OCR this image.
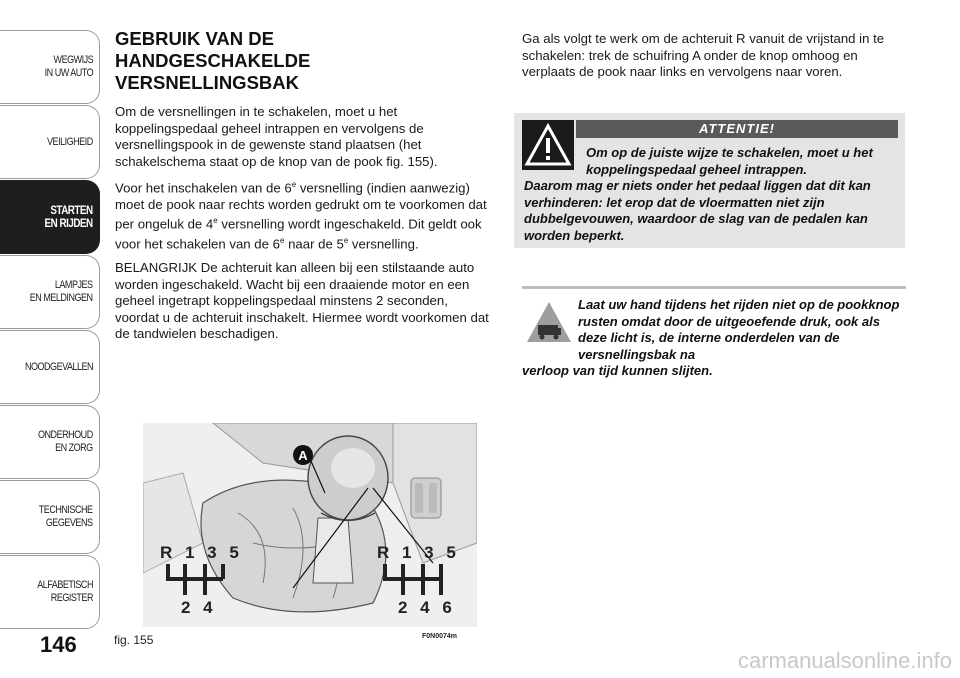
WEGWIJS
IN UW AUTO
VEILIGHEID
STARTEN
EN RIJDEN
LAMPJES
EN MELDINGEN
NOODGEVALLEN
ONDERHOUD
EN ZORG
TECHNISCHE
GEGEVENS
ALFABETISCH
REGISTER
146
GEBRUIK VAN DE
HANDGESCHAKELDE
VERSNELLINGSBAK

Om de versnellingen in te schakelen, moet u het koppelingspedaal geheel intrappen en vervolgens de versnellingspook in de gewenste stand plaatsen (het schakelschema staat op de knop van de pook fig. 155).

Voor het inschakelen van de 6e versnelling (indien aanwezig) moet de pook naar rechts worden gedrukt om te voorkomen dat per ongeluk de 4e versnelling wordt ingeschakeld. Dit geldt ook voor het schakelen van de 6e naar de 5e versnelling.

BELANGRIJK De achteruit kan alleen bij een stilstaande auto worden ingeschakeld. Wacht bij een draaiende motor en een geheel ingetrapt koppelingspedaal minstens 2 seconden, voordat u de achteruit inschakelt. Hiermee wordt voorkomen dat de tandwielen beschadigen.

Ga als volgt te werk om de achteruit R vanuit de vrijstand in te schakelen: trek de schuifring A onder de knop omhoog en verplaats de pook naar links en vervolgens naar voren.

ATTENTIE!
Om op de juiste wijze te schakelen, moet u het koppelingspedaal geheel intrappen.
Daarom mag er niets onder het pedaal liggen dat dit kan verhinderen: let erop dat de vloermatten niet zijn dubbelgevouwen, waardoor de slag van de pedalen kan worden beperkt.
Laat uw hand tijdens het rijden niet op de pookknop rusten omdat door de uitgeoefende druk, ook als deze licht is, de interne onderdelen van de versnellingsbak na
verloop van tijd kunnen slijten.
A
R 1 3 5
2 4
R 1 3 5
2 4 6
fig. 155	F0N0074m
carmanualsonline.info
